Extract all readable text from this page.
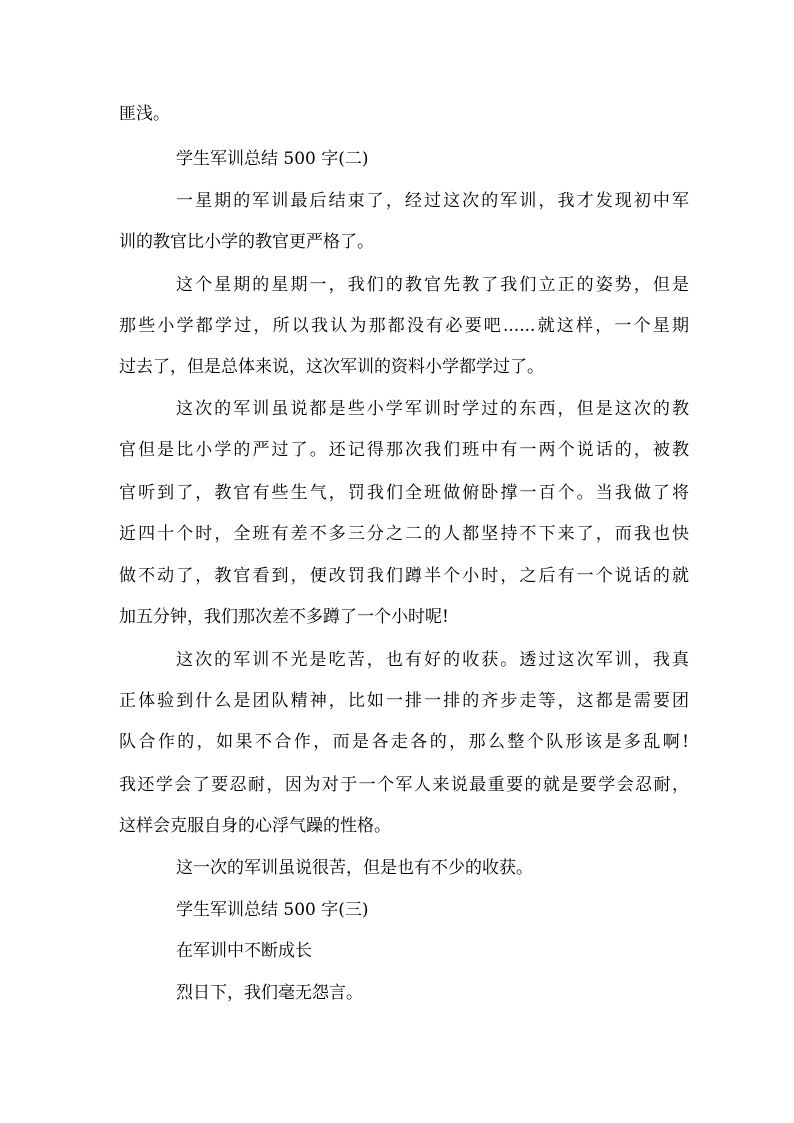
匪浅。
学生军训总结 500 字(二)
一星期的军训最后结束了，经过这次的军训，我才发现初中军
训的教官比小学的教官更严格了。
这个星期的星期一，我们的教官先教了我们立正的姿势，但是
那些小学都学过，所以我认为那都没有必要吧......就这样，一个星期
过去了，但是总体来说，这次军训的资料小学都学过了。
这次的军训虽说都是些小学军训时学过的东西，但是这次的教
官但是比小学的严过了。还记得那次我们班中有一两个说话的，被教
官听到了，教官有些生气，罚我们全班做俯卧撑一百个。当我做了将
近四十个时，全班有差不多三分之二的人都坚持不下来了，而我也快
做不动了，教官看到，便改罚我们蹲半个小时，之后有一个说话的就
加五分钟，我们那次差不多蹲了一个小时呢!
这次的军训不光是吃苦，也有好的收获。透过这次军训，我真
正体验到什么是团队精神，比如一排一排的齐步走等，这都是需要团
队合作的，如果不合作，而是各走各的，那么整个队形该是多乱啊!
我还学会了要忍耐，因为对于一个军人来说最重要的就是要学会忍耐，
这样会克服自身的心浮气躁的性格。
这一次的军训虽说很苦，但是也有不少的收获。
学生军训总结 500 字(三)
在军训中不断成长
烈日下，我们毫无怨言。
